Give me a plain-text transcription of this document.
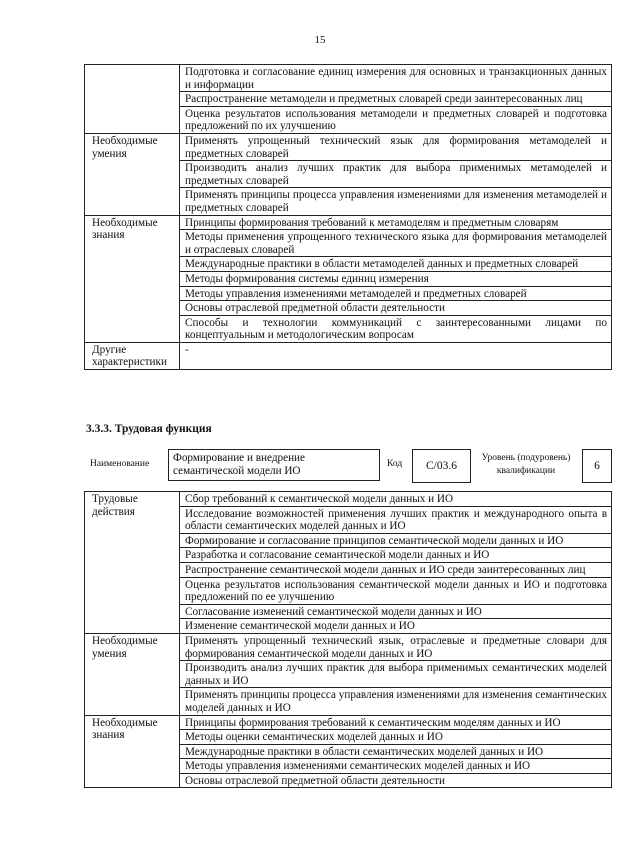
15
	Подготовка и согласование единиц измерения для основных и транзакционных данных и информации
	Распространение метамодели и предметных словарей среди заинтересованных лиц
	Оценка результатов использования метамодели и предметных словарей и подготовка предложений по их улучшению
Необходимые умения	Применять упрощенный технический язык для формирования метамоделей и предметных словарей
	Производить анализ лучших практик для выбора применимых метамоделей и предметных словарей
	Применять принципы процесса управления изменениями для изменения метамоделей и предметных словарей
Необходимые знания	Принципы формирования требований к метамоделям и предметным словарям
	Методы применения упрощенного технического языка для формирования метамоделей и отраслевых словарей
	Международные практики в области метамоделей данных и предметных словарей
	Методы формирования системы единиц измерения
	Методы управления изменениями метамоделей и предметных словарей
	Основы отраслевой предметной области деятельности
	Способы и технологии коммуникаций с заинтересованными лицами по концептуальным и методологическим вопросам
Другие характеристики	-
3.3.3. Трудовая функция
Наименование	Формирование и внедрение семантической модели ИО
Код	С/03.6
Уровень (подуровень) квалификации	6
Трудовые действия	Сбор требований к семантической модели данных и ИО
	Исследование возможностей применения лучших практик и международного опыта в области семантических моделей данных и ИО
	Формирование и согласование принципов семантической модели данных и ИО
	Разработка и согласование семантической модели данных и ИО
	Распространение семантической модели данных и ИО среди заинтересованных лиц
	Оценка результатов использования семантической модели данных и ИО и подготовка предложений по ее улучшению
	Согласование изменений семантической модели данных и ИО
	Изменение семантической модели данных и ИО
Необходимые умения	Применять упрощенный технический язык, отраслевые и предметные словари для формирования семантической модели данных и ИО
	Производить анализ лучших практик для выбора применимых семантических моделей данных и ИО
	Применять принципы процесса управления изменениями для изменения семантических моделей данных и ИО
Необходимые знания	Принципы формирования требований к семантическим моделям данных и ИО
	Методы оценки семантических моделей данных и ИО
	Международные практики в области семантических моделей данных и ИО
	Методы управления изменениями семантических моделей данных и ИО
	Основы отраслевой предметной области деятельности
